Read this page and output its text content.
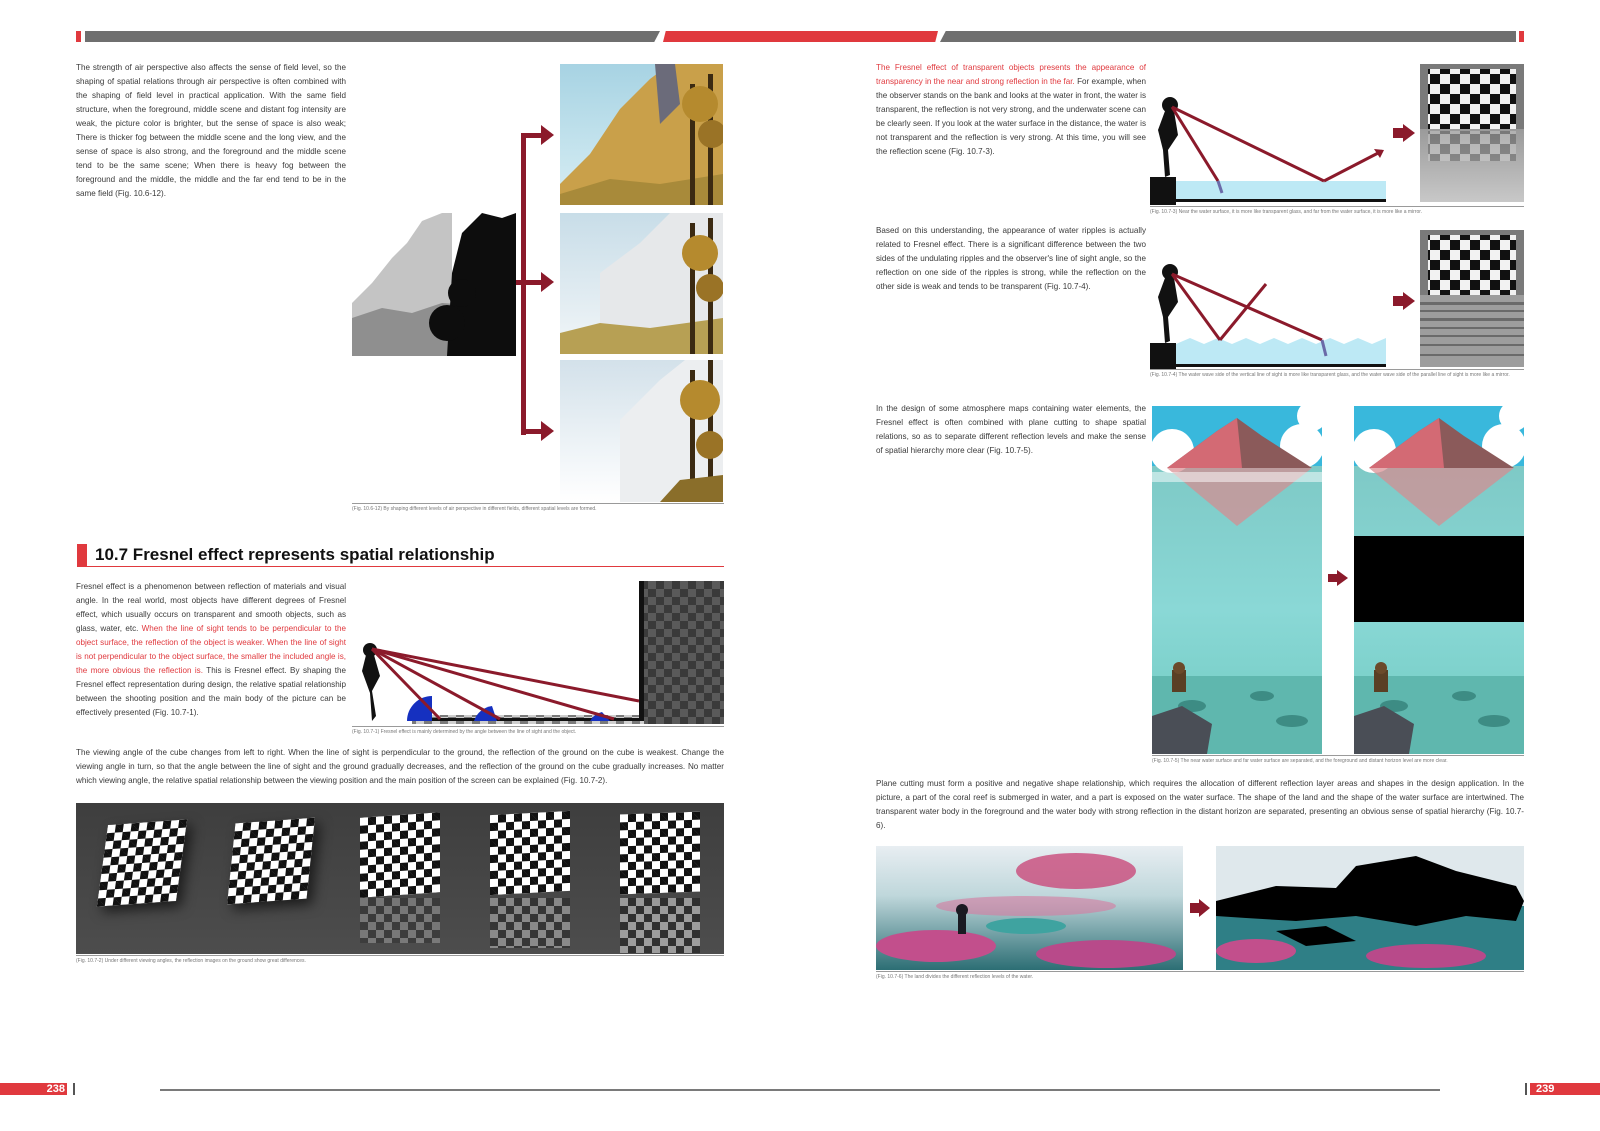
The strength of air perspective also affects the sense of field level, so the shaping of spatial relations through air perspective is often combined with the shaping of field level in practical application. With the same field structure, when the foreground, middle scene and distant fog intensity are weak, the picture color is brighter, but the sense of space is also weak; There is thicker fog between the middle scene and the long view, and the sense of space is also strong, and the foreground and the middle scene tend to be the same scene; When there is heavy fog between the foreground and the middle, the middle and the far end tend to be in the same field (Fig. 10.6-12).

(Fig. 10.6-12) By shaping different levels of air perspective in different fields, different spatial levels are formed.
10.7 Fresnel effect represents spatial relationship

Fresnel effect is a phenomenon between reflection of materials and visual angle. In the real world, most objects have different degrees of Fresnel effect, which usually occurs on transparent and smooth objects, such as glass, water, etc. When the line of sight tends to be perpendicular to the object surface, the reflection of the object is weaker. When the line of sight is not perpendicular to the object surface, the smaller the included angle is, the more obvious the reflection is. This is Fresnel effect. By shaping the Fresnel effect representation during design, the relative spatial relationship between the shooting position and the main body of the picture can be effectively presented (Fig. 10.7-1).

(Fig. 10.7-1) Fresnel effect is mainly determined by the angle between the line of sight and the object.

The viewing angle of the cube changes from left to right. When the line of sight is perpendicular to the ground, the reflection of the ground on the cube is weakest. Change the viewing angle in turn, so that the angle between the line of sight and the ground gradually decreases, and the reflection of the ground on the cube gradually increases. No matter which viewing angle, the relative spatial relationship between the viewing position and the main position of the screen can be explained (Fig. 10.7-2).

(Fig. 10.7-2) Under different viewing angles, the reflection images on the ground show great differences.
238

The Fresnel effect of transparent objects presents the appearance of transparency in the near and strong reflection in the far. For example, when the observer stands on the bank and looks at the water in front, the water is transparent, the reflection is not very strong, and the underwater scene can be clearly seen. If you look at the water surface in the distance, the water is not transparent and the reflection is very strong. At this time, you will see the reflection scene (Fig. 10.7-3).

(Fig. 10.7-3) Near the water surface, it is more like transparent glass, and far from the water surface, it is more like a mirror.

Based on this understanding, the appearance of water ripples is actually related to Fresnel effect. There is a significant difference between the two sides of the undulating ripples and the observer's line of sight angle, so the reflection on one side of the ripples is strong, while the reflection on the other side is weak and tends to be transparent (Fig. 10.7-4).

(Fig. 10.7-4) The water wave side of the vertical line of sight is more like transparent glass, and the water wave side of the parallel line of sight is more like a mirror.

In the design of some atmosphere maps containing water elements, the Fresnel effect is often combined with plane cutting to shape spatial relations, so as to separate different reflection levels and make the sense of spatial hierarchy more clear (Fig. 10.7-5).

(Fig. 10.7-5) The near water surface and far water surface are separated, and the foreground and distant horizon level are more clear.

Plane cutting must form a positive and negative shape relationship, which requires the allocation of different reflection layer areas and shapes in the design application. In the picture, a part of the coral reef is submerged in water, and a part is exposed on the water surface. The shape of the land and the shape of the water surface are intertwined. The transparent water body in the foreground and the water body with strong reflection in the distant horizon are separated, presenting an obvious sense of spatial hierarchy (Fig. 10.7-6).

(Fig. 10.7-6) The land divides the different reflection levels of the water.
239
